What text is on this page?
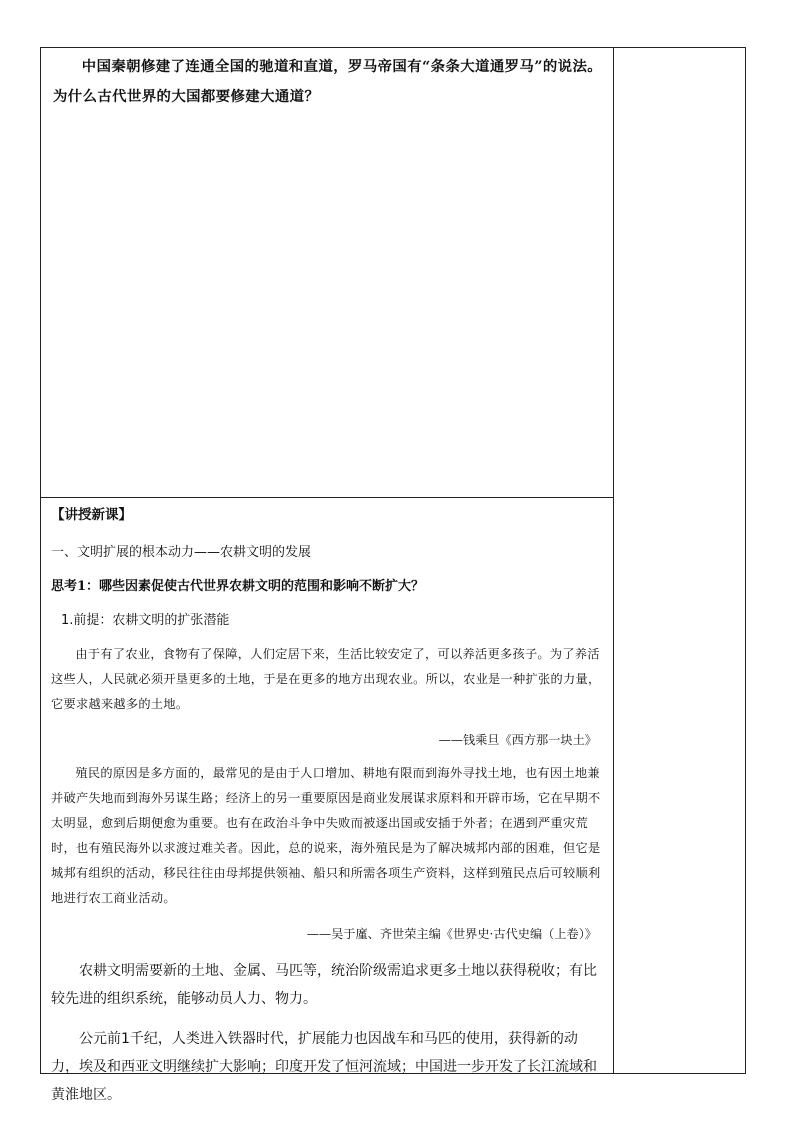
中国秦朝修建了连通全国的驰道和直道，罗马帝国有“条条大道通罗马”的说法。为什么古代世界的大国都要修建大通道？

【讲授新课】

一、文明扩展的根本动力——农耕文明的发展

思考1：哪些因素促使古代世界农耕文明的范围和影响不断扩大？

1.前提：农耕文明的扩张潜能

由于有了农业，食物有了保障，人们定居下来，生活比较安定了，可以养活更多孩子。为了养活这些人，人民就必须开垦更多的土地，于是在更多的地方出现农业。所以，农业是一种扩张的力量，它要求越来越多的土地。

——钱乘旦《西方那一块土》

殖民的原因是多方面的，最常见的是由于人口增加、耕地有限而到海外寻找土地，也有因土地兼并破产失地而到海外另谋生路；经济上的另一重要原因是商业发展谋求原料和开辟市场，它在早期不太明显，愈到后期便愈为重要。也有在政治斗争中失败而被逐出国或安插于外者；在遇到严重灾荒时，也有殖民海外以求渡过难关者。因此，总的说来，海外殖民是为了解决城邦内部的困难，但它是城邦有组织的活动，移民往往由母邦提供领袖、船只和所需各项生产资料，这样到殖民点后可较顺利地进行农工商业活动。

——吴于廑、齐世荣主编《世界史·古代史编（上卷）》

农耕文明需要新的土地、金属、马匹等，统治阶级需追求更多土地以获得税收；有比较先进的组织系统，能够动员人力、物力。

公元前1千纪，人类进入铁器时代，扩展能力也因战车和马匹的使用，获得新的动力，埃及和西亚文明继续扩大影响；印度开发了恒河流域；中国进一步开发了长江流域和黄淮地区。
